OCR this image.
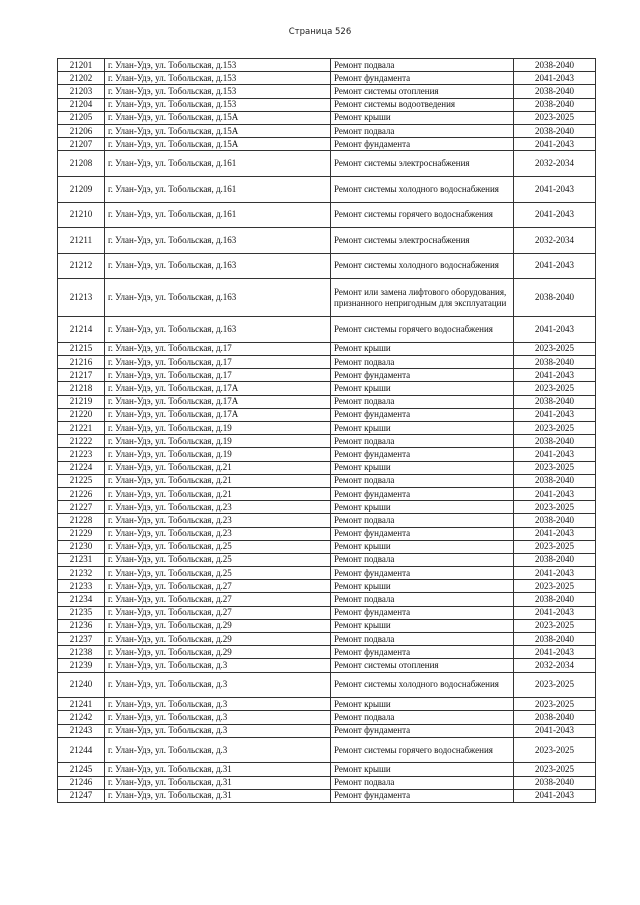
Страница 526
21201	г. Улан-Удэ, ул. Тобольская, д.153	Ремонт подвала	2038-2040
21202	г. Улан-Удэ, ул. Тобольская, д.153	Ремонт фундамента	2041-2043
21203	г. Улан-Удэ, ул. Тобольская, д.153	Ремонт системы отопления	2038-2040
21204	г. Улан-Удэ, ул. Тобольская, д.153	Ремонт системы водоотведения	2038-2040
21205	г. Улан-Удэ, ул. Тобольская, д.15А	Ремонт крыши	2023-2025
21206	г. Улан-Удэ, ул. Тобольская, д.15А	Ремонт подвала	2038-2040
21207	г. Улан-Удэ, ул. Тобольская, д.15А	Ремонт фундамента	2041-2043
21208	г. Улан-Удэ, ул. Тобольская, д.161	Ремонт системы электроснабжения	2032-2034
21209	г. Улан-Удэ, ул. Тобольская, д.161	Ремонт системы холодного водоснабжения	2041-2043
21210	г. Улан-Удэ, ул. Тобольская, д.161	Ремонт системы горячего водоснабжения	2041-2043
21211	г. Улан-Удэ, ул. Тобольская, д.163	Ремонт системы электроснабжения	2032-2034
21212	г. Улан-Удэ, ул. Тобольская, д.163	Ремонт системы холодного водоснабжения	2041-2043
21213	г. Улан-Удэ, ул. Тобольская, д.163	Ремонт или замена лифтового оборудования, признанного непригодным для эксплуатации	2038-2040
21214	г. Улан-Удэ, ул. Тобольская, д.163	Ремонт системы горячего водоснабжения	2041-2043
21215	г. Улан-Удэ, ул. Тобольская, д.17	Ремонт крыши	2023-2025
21216	г. Улан-Удэ, ул. Тобольская, д.17	Ремонт подвала	2038-2040
21217	г. Улан-Удэ, ул. Тобольская, д.17	Ремонт фундамента	2041-2043
21218	г. Улан-Удэ, ул. Тобольская, д.17А	Ремонт крыши	2023-2025
21219	г. Улан-Удэ, ул. Тобольская, д.17А	Ремонт подвала	2038-2040
21220	г. Улан-Удэ, ул. Тобольская, д.17А	Ремонт фундамента	2041-2043
21221	г. Улан-Удэ, ул. Тобольская, д.19	Ремонт крыши	2023-2025
21222	г. Улан-Удэ, ул. Тобольская, д.19	Ремонт подвала	2038-2040
21223	г. Улан-Удэ, ул. Тобольская, д.19	Ремонт фундамента	2041-2043
21224	г. Улан-Удэ, ул. Тобольская, д.21	Ремонт крыши	2023-2025
21225	г. Улан-Удэ, ул. Тобольская, д.21	Ремонт подвала	2038-2040
21226	г. Улан-Удэ, ул. Тобольская, д.21	Ремонт фундамента	2041-2043
21227	г. Улан-Удэ, ул. Тобольская, д.23	Ремонт крыши	2023-2025
21228	г. Улан-Удэ, ул. Тобольская, д.23	Ремонт подвала	2038-2040
21229	г. Улан-Удэ, ул. Тобольская, д.23	Ремонт фундамента	2041-2043
21230	г. Улан-Удэ, ул. Тобольская, д.25	Ремонт крыши	2023-2025
21231	г. Улан-Удэ, ул. Тобольская, д.25	Ремонт подвала	2038-2040
21232	г. Улан-Удэ, ул. Тобольская, д.25	Ремонт фундамента	2041-2043
21233	г. Улан-Удэ, ул. Тобольская, д.27	Ремонт крыши	2023-2025
21234	г. Улан-Удэ, ул. Тобольская, д.27	Ремонт подвала	2038-2040
21235	г. Улан-Удэ, ул. Тобольская, д.27	Ремонт фундамента	2041-2043
21236	г. Улан-Удэ, ул. Тобольская, д.29	Ремонт крыши	2023-2025
21237	г. Улан-Удэ, ул. Тобольская, д.29	Ремонт подвала	2038-2040
21238	г. Улан-Удэ, ул. Тобольская, д.29	Ремонт фундамента	2041-2043
21239	г. Улан-Удэ, ул. Тобольская, д.3	Ремонт системы отопления	2032-2034
21240	г. Улан-Удэ, ул. Тобольская, д.3	Ремонт системы холодного водоснабжения	2023-2025
21241	г. Улан-Удэ, ул. Тобольская, д.3	Ремонт крыши	2023-2025
21242	г. Улан-Удэ, ул. Тобольская, д.3	Ремонт подвала	2038-2040
21243	г. Улан-Удэ, ул. Тобольская, д.3	Ремонт фундамента	2041-2043
21244	г. Улан-Удэ, ул. Тобольская, д.3	Ремонт системы горячего водоснабжения	2023-2025
21245	г. Улан-Удэ, ул. Тобольская, д.31	Ремонт крыши	2023-2025
21246	г. Улан-Удэ, ул. Тобольская, д.31	Ремонт подвала	2038-2040
21247	г. Улан-Удэ, ул. Тобольская, д.31	Ремонт фундамента	2041-2043
